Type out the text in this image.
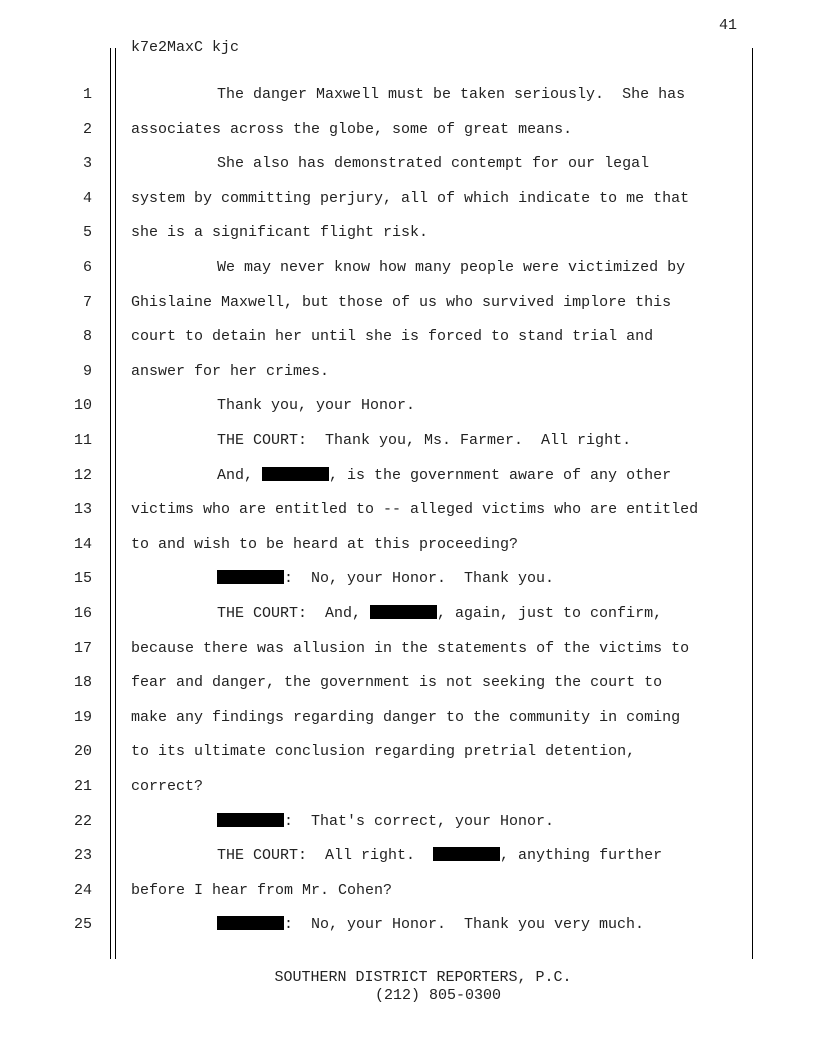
41
k7e2MaxC kjc
1	The danger Maxwell must be taken seriously.  She has
2	associates across the globe, some of great means.
3	She also has demonstrated contempt for our legal
4	system by committing perjury, all of which indicate to me that
5	she is a significant flight risk.
6	We may never know how many people were victimized by
7	Ghislaine Maxwell, but those of us who survived implore this
8	court to detain her until she is forced to stand trial and
9	answer for her crimes.
10	Thank you, your Honor.
11	THE COURT:  Thank you, Ms. Farmer.  All right.
12	And,	, is the government aware of any other
13	victims who are entitled to -- alleged victims who are entitled
14	to and wish to be heard at this proceeding?
15	:  No, your Honor.  Thank you.
16	THE COURT:  And,	, again, just to confirm,
17	because there was allusion in the statements of the victims to
18	fear and danger, the government is not seeking the court to
19	make any findings regarding danger to the community in coming
20	to its ultimate conclusion regarding pretrial detention,
21	correct?
22	:  That's correct, your Honor.
23	THE COURT:  All right.	, anything further
24	before I hear from Mr. Cohen?
25	:  No, your Honor.  Thank you very much.
SOUTHERN DISTRICT REPORTERS, P.C.
(212) 805-0300
